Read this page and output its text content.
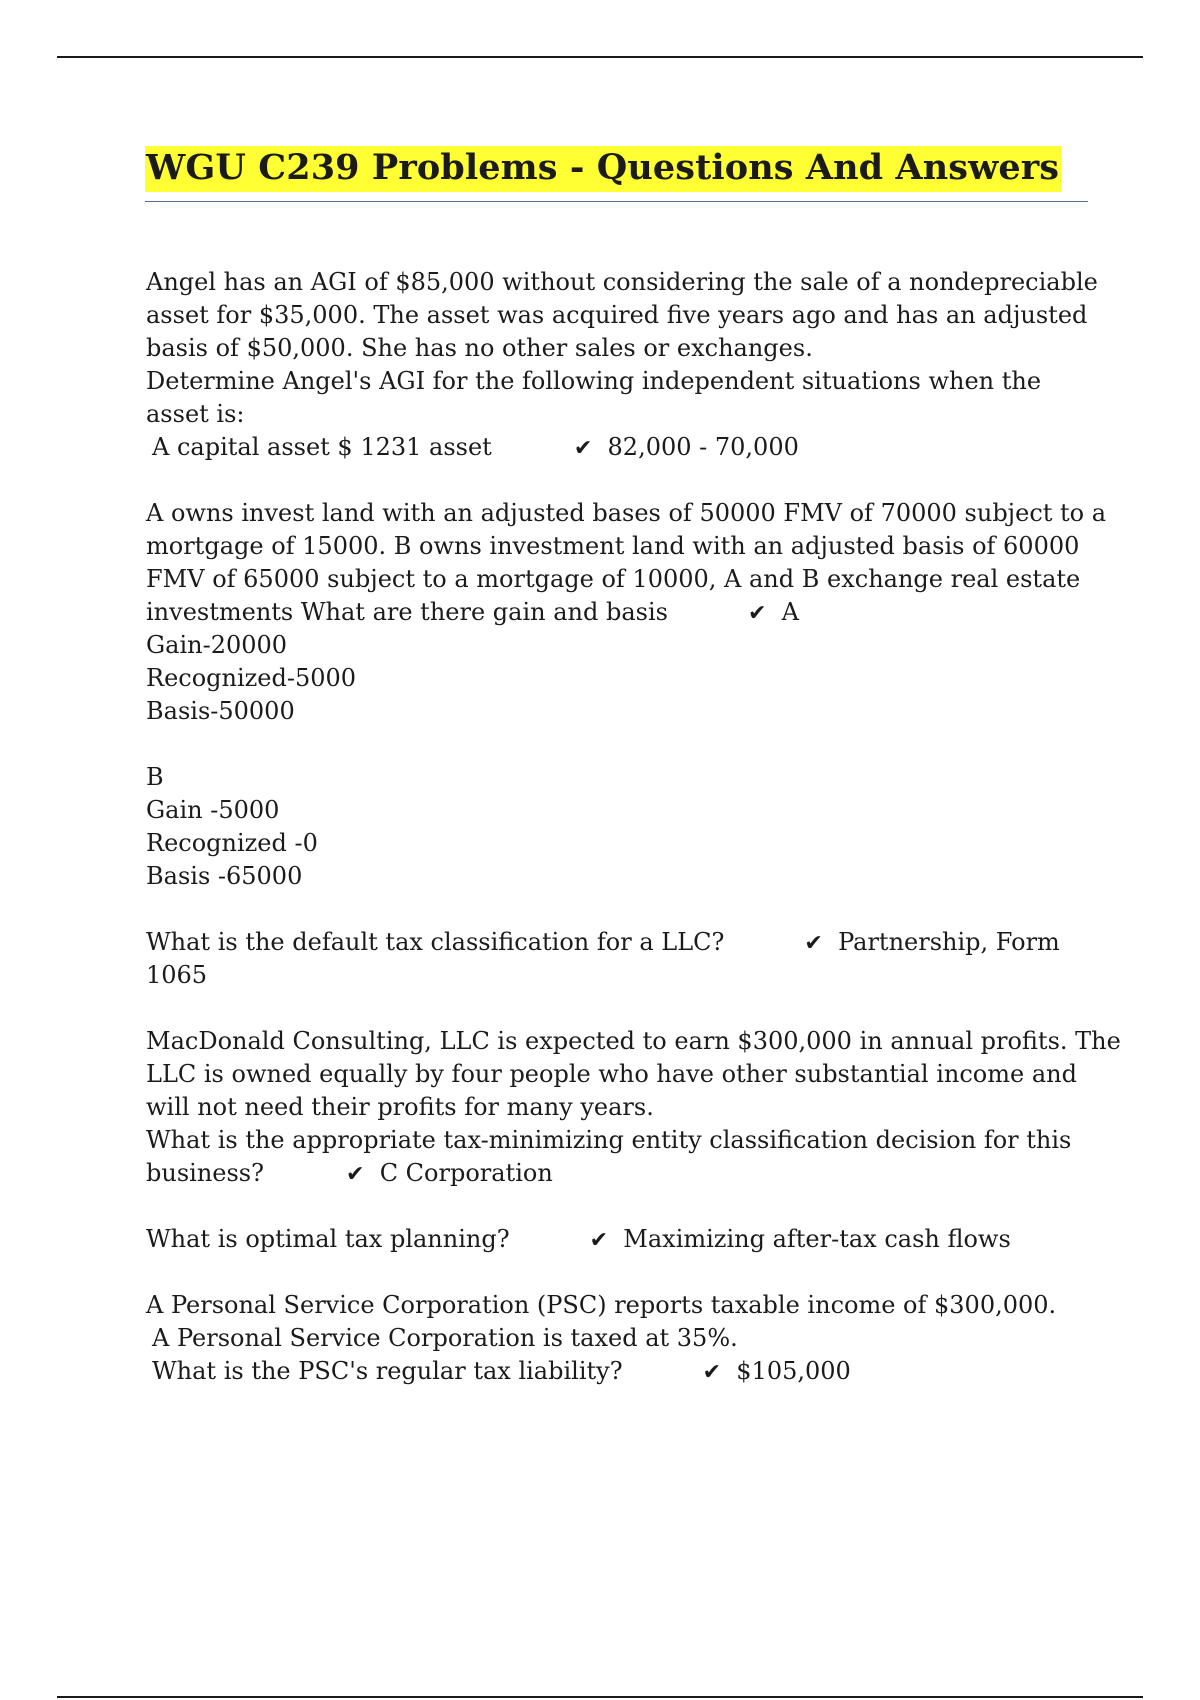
WGU C239 Problems - Questions And Answers
Angel has an AGI of $85,000 without considering the sale of a nondepreciable
asset for $35,000. The asset was acquired five years ago and has an adjusted
basis of $50,000. She has no other sales or exchanges.
Determine Angel's AGI for the following independent situations when the
asset is:
A capital asset $ 1231 asset	✔ 82,000 - 70,000
A owns invest land with an adjusted bases of 50000 FMV of 70000 subject to a
mortgage of 15000. B owns investment land with an adjusted basis of 60000
FMV of 65000 subject to a mortgage of 10000, A and B exchange real estate
investments What are there gain and basis	✔ A
Gain-20000
Recognized-5000
Basis-50000
B
Gain -5000
Recognized -0
Basis -65000
What is the default tax classification for a LLC?	✔ Partnership, Form
1065
MacDonald Consulting, LLC is expected to earn $300,000 in annual profits. The
LLC is owned equally by four people who have other substantial income and
will not need their profits for many years.
What is the appropriate tax-minimizing entity classification decision for this
business?	✔ C Corporation
What is optimal tax planning?	✔ Maximizing after-tax cash flows
A Personal Service Corporation (PSC) reports taxable income of $300,000.
A Personal Service Corporation is taxed at 35%.
What is the PSC's regular tax liability?	✔ $105,000
